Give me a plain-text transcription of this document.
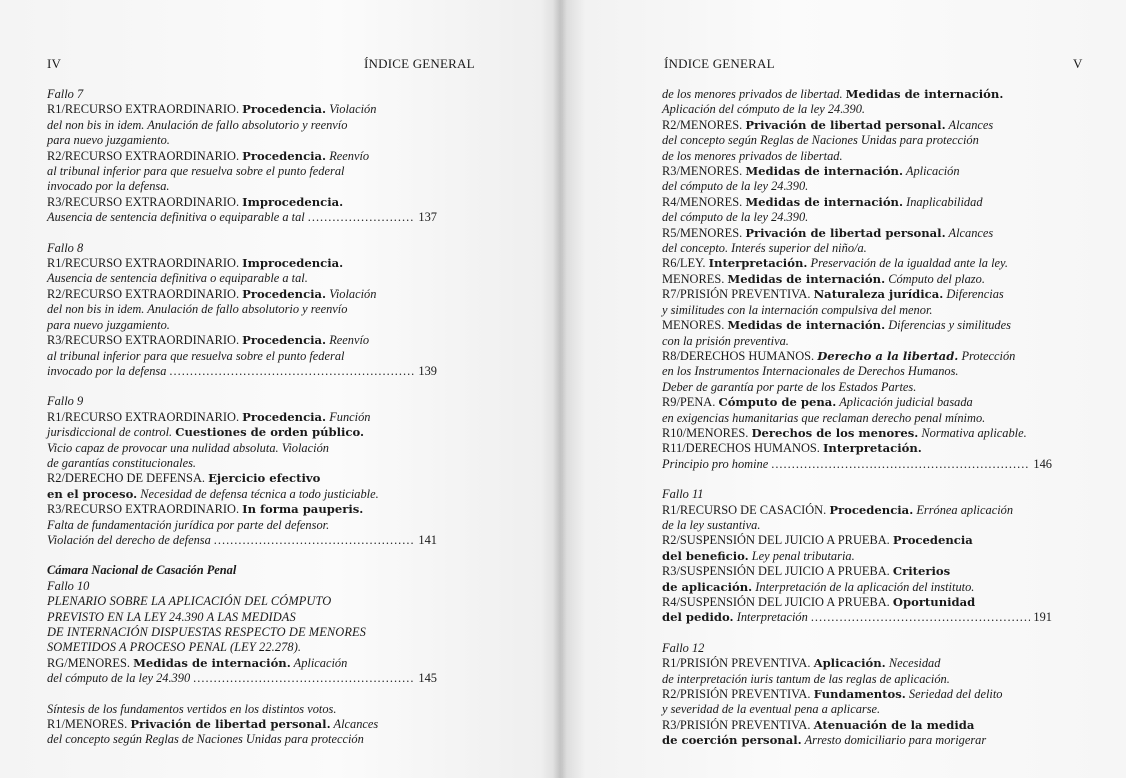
IV	ÍNDICE GENERAL
Fallo 7
R1/RECURSO EXTRAORDINARIO. Procedencia. Violación
del non bis in idem. Anulación de fallo absolutorio y reenvío
para nuevo juzgamiento.
R2/RECURSO EXTRAORDINARIO. Procedencia. Reenvío
al tribunal inferior para que resuelva sobre el punto federal
invocado por la defensa.
R3/RECURSO EXTRAORDINARIO. Improcedencia.
Ausencia de sentencia definitiva o equiparable a tal .....	137
Fallo 8
R1/RECURSO EXTRAORDINARIO. Improcedencia.
Ausencia de sentencia definitiva o equiparable a tal.
R2/RECURSO EXTRAORDINARIO. Procedencia. Violación
del non bis in idem. Anulación de fallo absolutorio y reenvío
para nuevo juzgamiento.
R3/RECURSO EXTRAORDINARIO. Procedencia. Reenvío
al tribunal inferior para que resuelva sobre el punto federal
invocado por la defensa .....	139
Fallo 9
R1/RECURSO EXTRAORDINARIO. Procedencia. Función
jurisdiccional de control. Cuestiones de orden público.
Vicio capaz de provocar una nulidad absoluta. Violación
de garantías constitucionales.
R2/DERECHO DE DEFENSA. Ejercicio efectivo
en el proceso. Necesidad de defensa técnica a todo justiciable.
R3/RECURSO EXTRAORDINARIO. In forma pauperis.
Falta de fundamentación jurídica por parte del defensor.
Violación del derecho de defensa .....	141
Cámara Nacional de Casación Penal
Fallo 10
PLENARIO SOBRE LA APLICACIÓN DEL CÓMPUTO
PREVISTO EN LA LEY 24.390 A LAS MEDIDAS
DE INTERNACIÓN DISPUESTAS RESPECTO DE MENORES
SOMETIDOS A PROCESO PENAL (LEY 22.278).
RG/MENORES. Medidas de internación. Aplicación
del cómputo de la ley 24.390 .....	145
Síntesis de los fundamentos vertidos en los distintos votos.
R1/MENORES. Privación de libertad personal. Alcances
del concepto según Reglas de Naciones Unidas para protección
ÍNDICE GENERAL	V
de los menores privados de libertad. Medidas de internación.
Aplicación del cómputo de la ley 24.390.
R2/MENORES. Privación de libertad personal. Alcances
del concepto según Reglas de Naciones Unidas para protección
de los menores privados de libertad.
R3/MENORES. Medidas de internación. Aplicación
del cómputo de la ley 24.390.
R4/MENORES. Medidas de internación. Inaplicabilidad
del cómputo de la ley 24.390.
R5/MENORES. Privación de libertad personal. Alcances
del concepto. Interés superior del niño/a.
R6/LEY. Interpretación. Preservación de la igualdad ante la ley.
MENORES. Medidas de internación. Cómputo del plazo.
R7/PRISIÓN PREVENTIVA. Naturaleza jurídica. Diferencias
y similitudes con la internación compulsiva del menor.
MENORES. Medidas de internación. Diferencias y similitudes
con la prisión preventiva.
R8/DERECHOS HUMANOS. Derecho a la libertad. Protección
en los Instrumentos Internacionales de Derechos Humanos.
Deber de garantía por parte de los Estados Partes.
R9/PENA. Cómputo de pena. Aplicación judicial basada
en exigencias humanitarias que reclaman derecho penal mínimo.
R10/MENORES. Derechos de los menores. Normativa aplicable.
R11/DERECHOS HUMANOS. Interpretación.
Principio pro homine .....	146
Fallo 11
R1/RECURSO DE CASACIÓN. Procedencia. Errónea aplicación
de la ley sustantiva.
R2/SUSPENSIÓN DEL JUICIO A PRUEBA. Procedencia
del beneficio. Ley penal tributaria.
R3/SUSPENSIÓN DEL JUICIO A PRUEBA. Criterios
de aplicación. Interpretación de la aplicación del instituto.
R4/SUSPENSIÓN DEL JUICIO A PRUEBA. Oportunidad
del pedido. Interpretación .....	191
Fallo 12
R1/PRISIÓN PREVENTIVA. Aplicación. Necesidad
de interpretación iuris tantum de las reglas de aplicación.
R2/PRISIÓN PREVENTIVA. Fundamentos. Seriedad del delito
y severidad de la eventual pena a aplicarse.
R3/PRISIÓN PREVENTIVA. Atenuación de la medida
de coerción personal. Arresto domiciliario para morigerar
